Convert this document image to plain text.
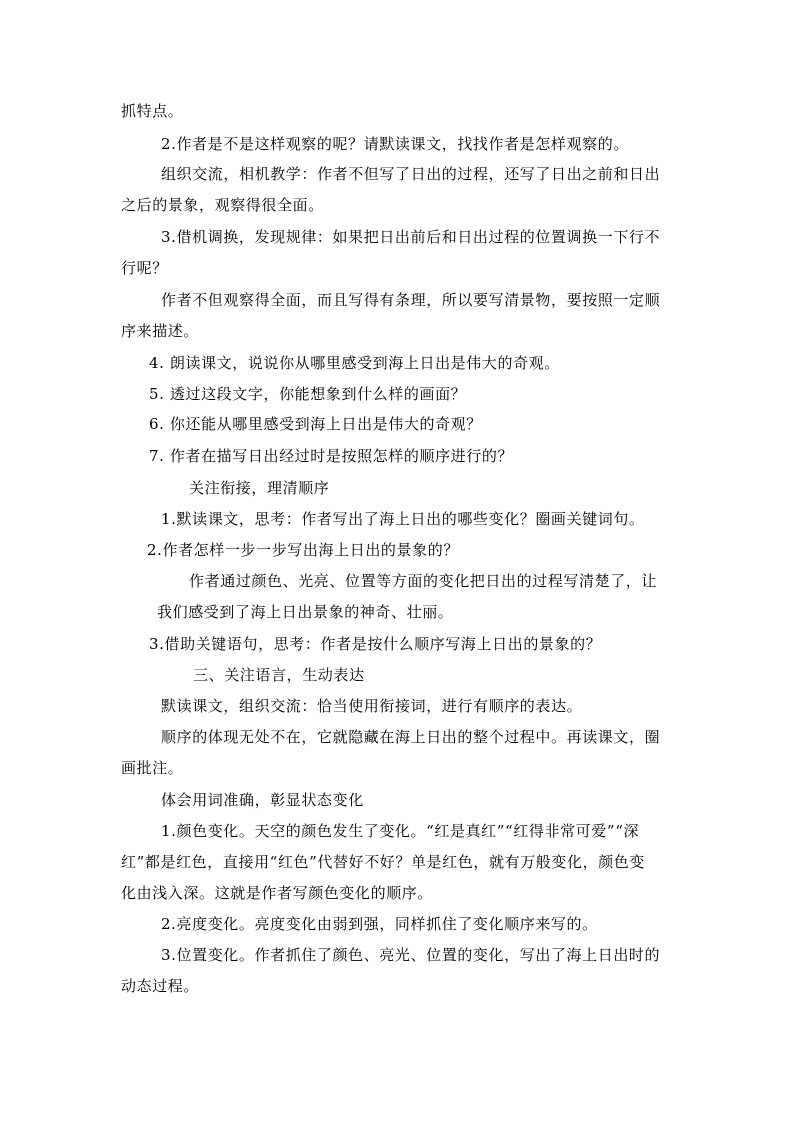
抓特点。
2.作者是不是这样观察的呢？请默读课文，找找作者是怎样观察的。
组织交流，相机教学：作者不但写了日出的过程，还写了日出之前和日出
之后的景象，观察得很全面。
3.借机调换，发现规律：如果把日出前后和日出过程的位置调换一下行不
行呢？
作者不但观察得全面，而且写得有条理，所以要写清景物，要按照一定顺
序来描述。
4. 朗读课文，说说你从哪里感受到海上日出是伟大的奇观。
5. 透过这段文字，你能想象到什么样的画面？
6. 你还能从哪里感受到海上日出是伟大的奇观？
7. 作者在描写日出经过时是按照怎样的顺序进行的？
关注衔接，理清顺序
1.默读课文，思考：作者写出了海上日出的哪些变化？圈画关键词句。
2.作者怎样一步一步写出海上日出的景象的？
作者通过颜色、光亮、位置等方面的变化把日出的过程写清楚了，让
我们感受到了海上日出景象的神奇、壮丽。
3.借助关键语句，思考：作者是按什么顺序写海上日出的景象的？
三、关注语言，生动表达
默读课文，组织交流：恰当使用衔接词，进行有顺序的表达。
顺序的体现无处不在，它就隐藏在海上日出的整个过程中。再读课文，圈
画批注。
体会用词准确，彰显状态变化
1.颜色变化。天空的颜色发生了变化。“红是真红”“红得非常可爱”“深
红”都是红色，直接用“红色”代替好不好？单是红色，就有万般变化，颜色变
化由浅入深。这就是作者写颜色变化的顺序。
2.亮度变化。亮度变化由弱到强，同样抓住了变化顺序来写的。
3.位置变化。作者抓住了颜色、亮光、位置的变化，写出了海上日出时的
动态过程。
